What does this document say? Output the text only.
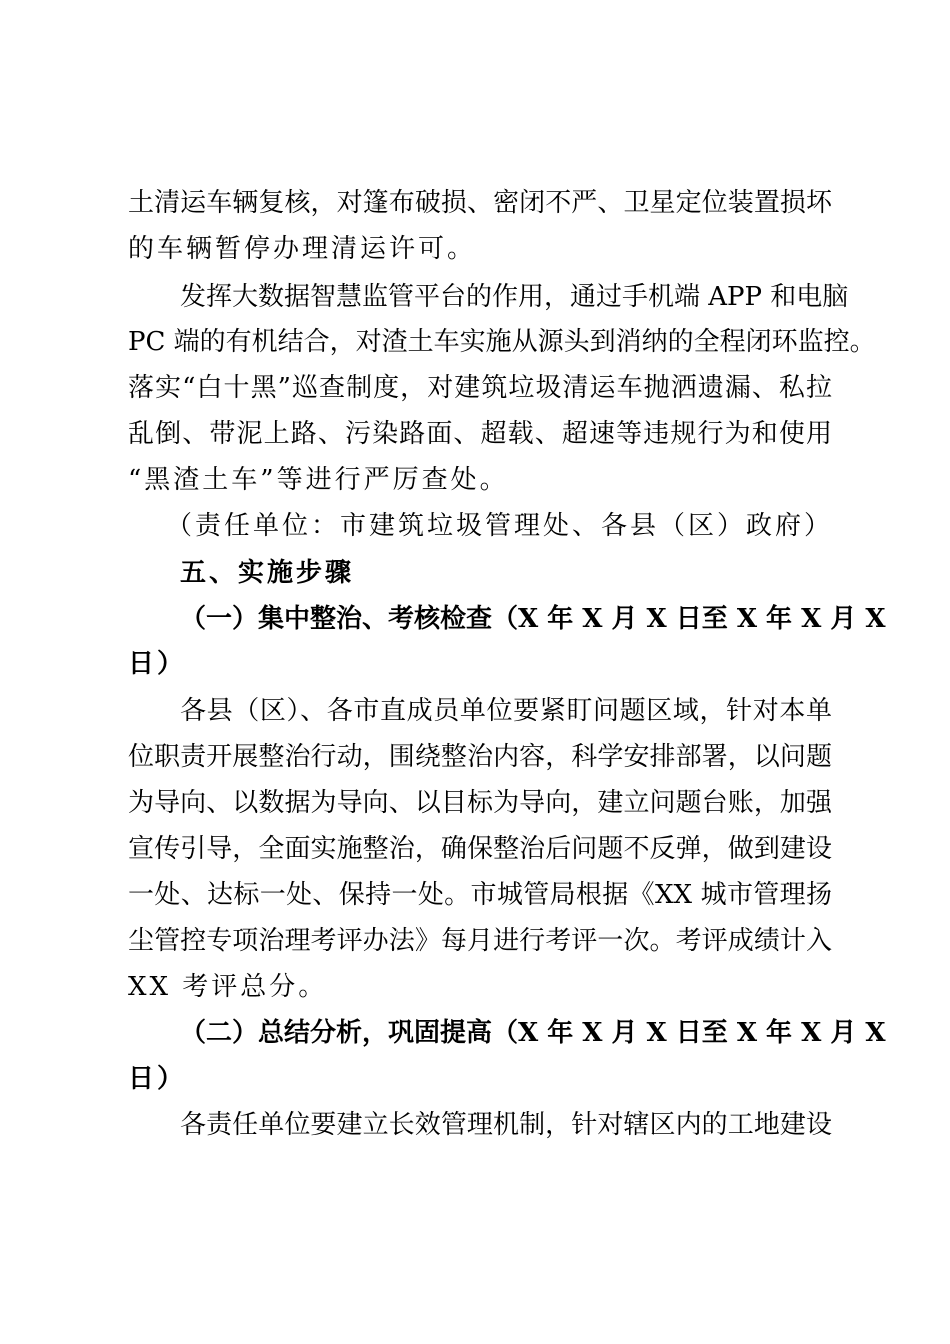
土清运车辆复核，对篷布破损、密闭不严、卫星定位装置损坏
的车辆暂停办理清运许可。
发挥大数据智慧监管平台的作用，通过手机端 APP 和电脑
PC 端的有机结合，对渣土车实施从源头到消纳的全程闭环监控。
落实“白十黑”巡查制度，对建筑垃圾清运车抛洒遗漏、私拉
乱倒、带泥上路、污染路面、超载、超速等违规行为和使用
“黑渣土车”等进行严厉查处。
（责任单位：市建筑垃圾管理处、各县（区）政府）
五、实施步骤
（一）集中整治、考核检查（X 年 X 月 X 日至 X 年 X 月 X
日）
各县（区）、各市直成员单位要紧盯问题区域，针对本单
位职责开展整治行动，围绕整治内容，科学安排部署，以问题
为导向、以数据为导向、以目标为导向，建立问题台账，加强
宣传引导，全面实施整治，确保整治后问题不反弹，做到建设
一处、达标一处、保持一处。市城管局根据《XX 城市管理扬
尘管控专项治理考评办法》每月进行考评一次。考评成绩计入
XX 考评总分。
（二）总结分析，巩固提高（X 年 X 月 X 日至 X 年 X 月 X
日）
各责任单位要建立长效管理机制，针对辖区内的工地建设
